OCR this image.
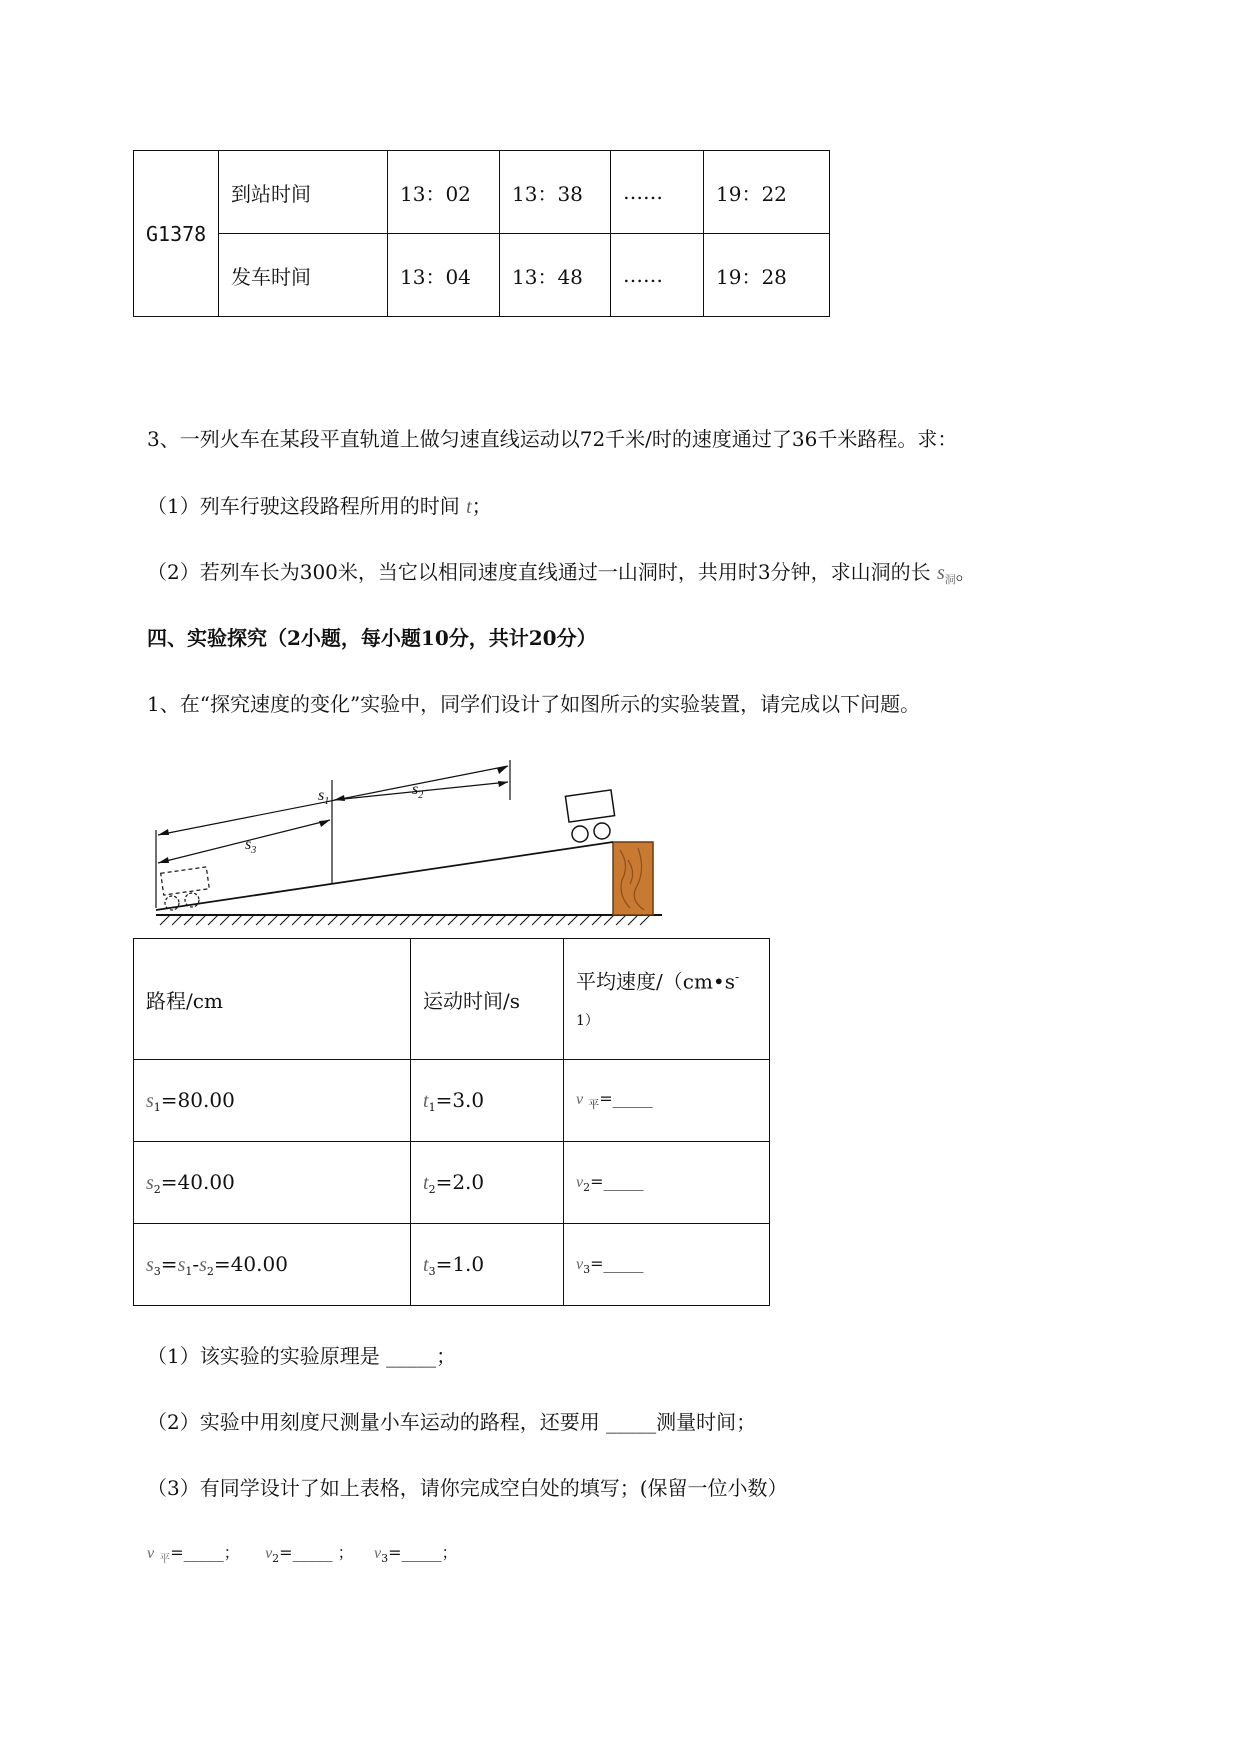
G1378	到站时间	13：02	13：38	……	19：22
	发车时间	13：04	13：48	……	19：28
3、一列火车在某段平直轨道上做匀速直线运动以72千米/时的速度通过了36千米路程。求：
（1）列车行驶这段路程所用的时间 t；
（2）若列车长为300米，当它以相同速度直线通过一山洞时，共用时3分钟，求山洞的长 $s_洞$。
四、实验探究（2小题，每小题10分，共计20分）
1、在“探究速度的变化”实验中，同学们设计了如图所示的实验装置，请完成以下问题。
$s_1$
$s_2$
$s_3$
路程/cm	运动时间/s	平均速度/（cm•s-
1）
$s_1=80.00$	$t_1=3.0$	v $_平$=_____
$s_2=40.00$	$t_2=2.0$	$v_2=\_\_\_\_\_$
$s_3=s_1-s_2=40.00$	$t_3=1.0$	$v_3=\_\_\_\_\_$
（1）该实验的实验原理是 _____；
（2）实验中用刻度尺测量小车运动的路程，还要用 _____测量时间；
（3）有同学设计了如上表格，请你完成空白处的填写；(保留一位小数）
v $_平$=_____； $v_2=\_\_\_\_\_$ ； $v_3=\_\_\_\_\_$；
